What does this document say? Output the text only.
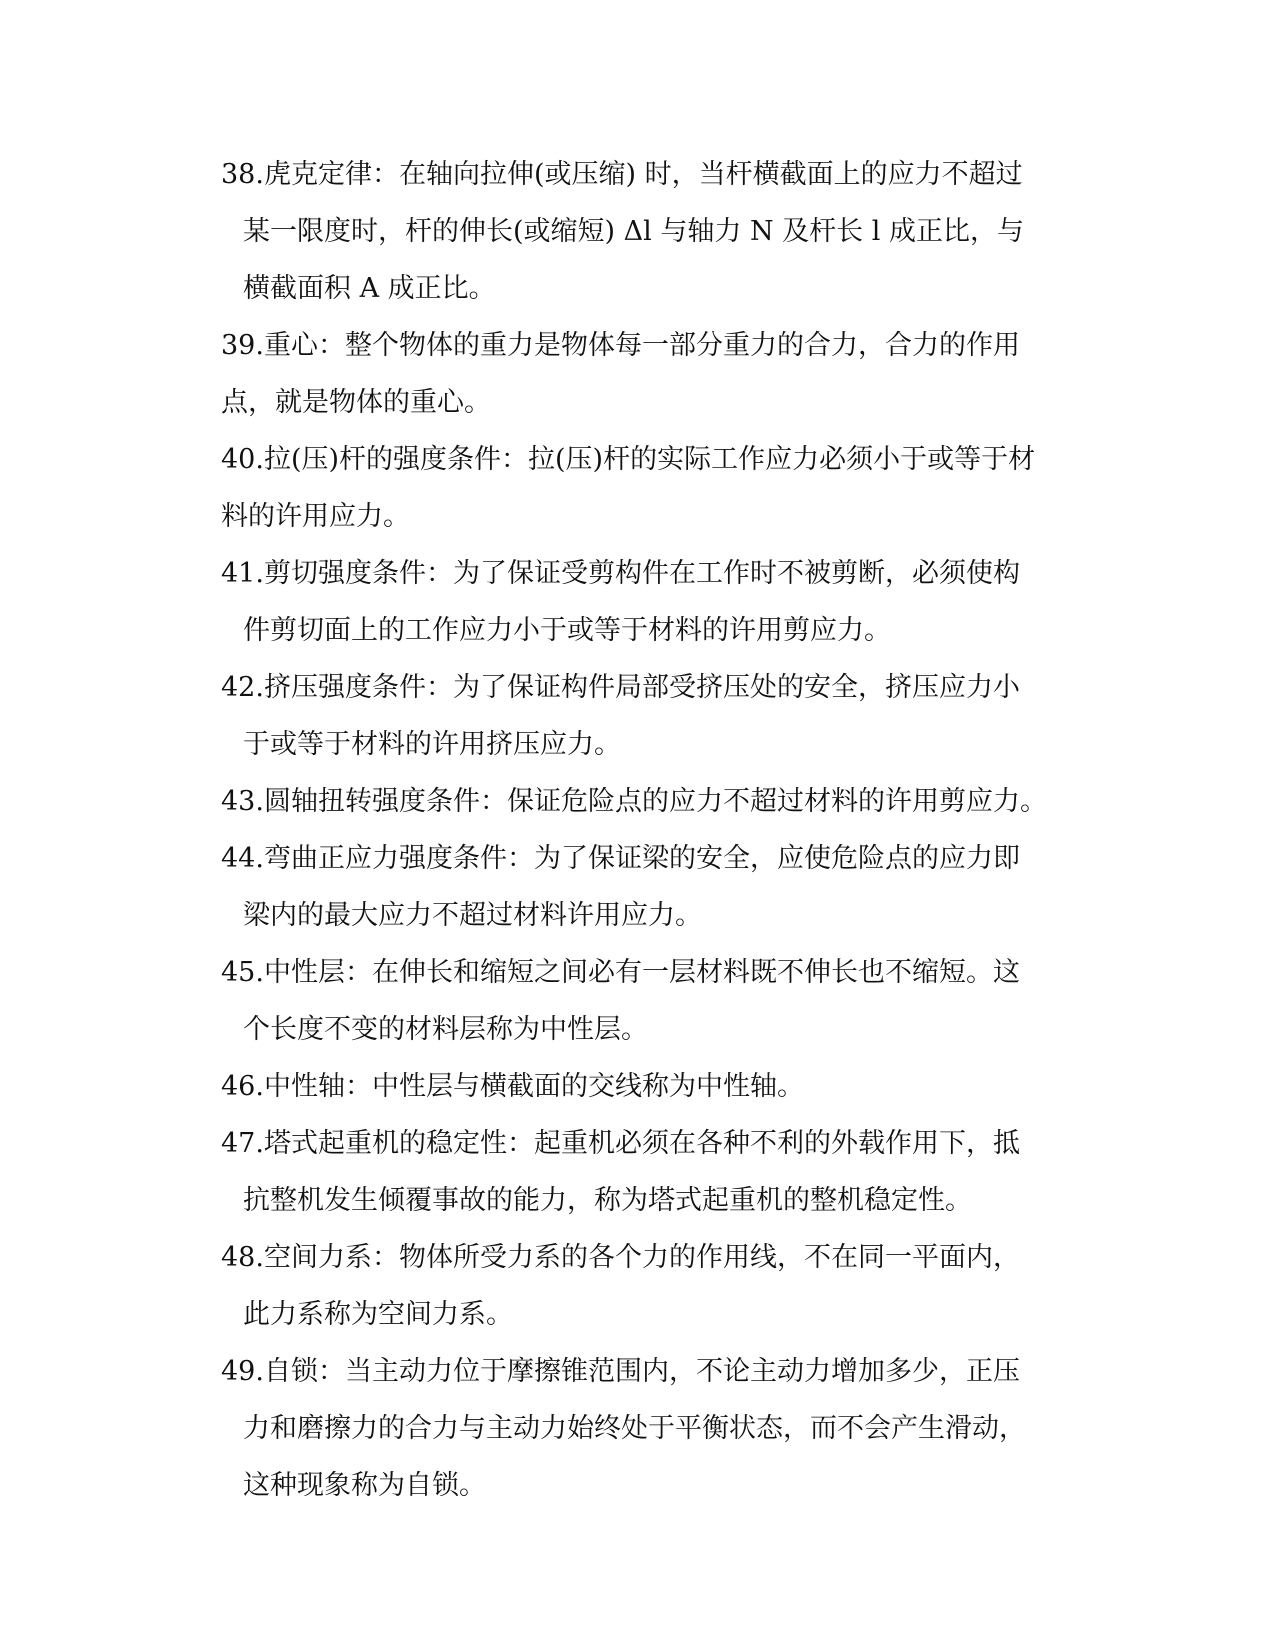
38.虎克定律：在轴向拉伸(或压缩) 时，当杆横截面上的应力不超过
某一限度时，杆的伸长(或缩短) Δl 与轴力 N 及杆长 l 成正比，与
横截面积 A 成正比。

39.重心：整个物体的重力是物体每一部分重力的合力，合力的作用
点，就是物体的重心。

40.拉(压)杆的强度条件：拉(压)杆的实际工作应力必须小于或等于材
料的许用应力。

41.剪切强度条件：为了保证受剪构件在工作时不被剪断，必须使构
件剪切面上的工作应力小于或等于材料的许用剪应力。

42.挤压强度条件：为了保证构件局部受挤压处的安全，挤压应力小
于或等于材料的许用挤压应力。

43.圆轴扭转强度条件：保证危险点的应力不超过材料的许用剪应力。

44.弯曲正应力强度条件：为了保证梁的安全，应使危险点的应力即
梁内的最大应力不超过材料许用应力。

45.中性层：在伸长和缩短之间必有一层材料既不伸长也不缩短。这
个长度不变的材料层称为中性层。

46.中性轴：中性层与横截面的交线称为中性轴。

47.塔式起重机的稳定性：起重机必须在各种不利的外载作用下，抵
抗整机发生倾覆事故的能力，称为塔式起重机的整机稳定性。

48.空间力系：物体所受力系的各个力的作用线，不在同一平面内，
此力系称为空间力系。

49.自锁：当主动力位于摩擦锥范围内，不论主动力增加多少，正压
力和磨擦力的合力与主动力始终处于平衡状态，而不会产生滑动，
这种现象称为自锁。
